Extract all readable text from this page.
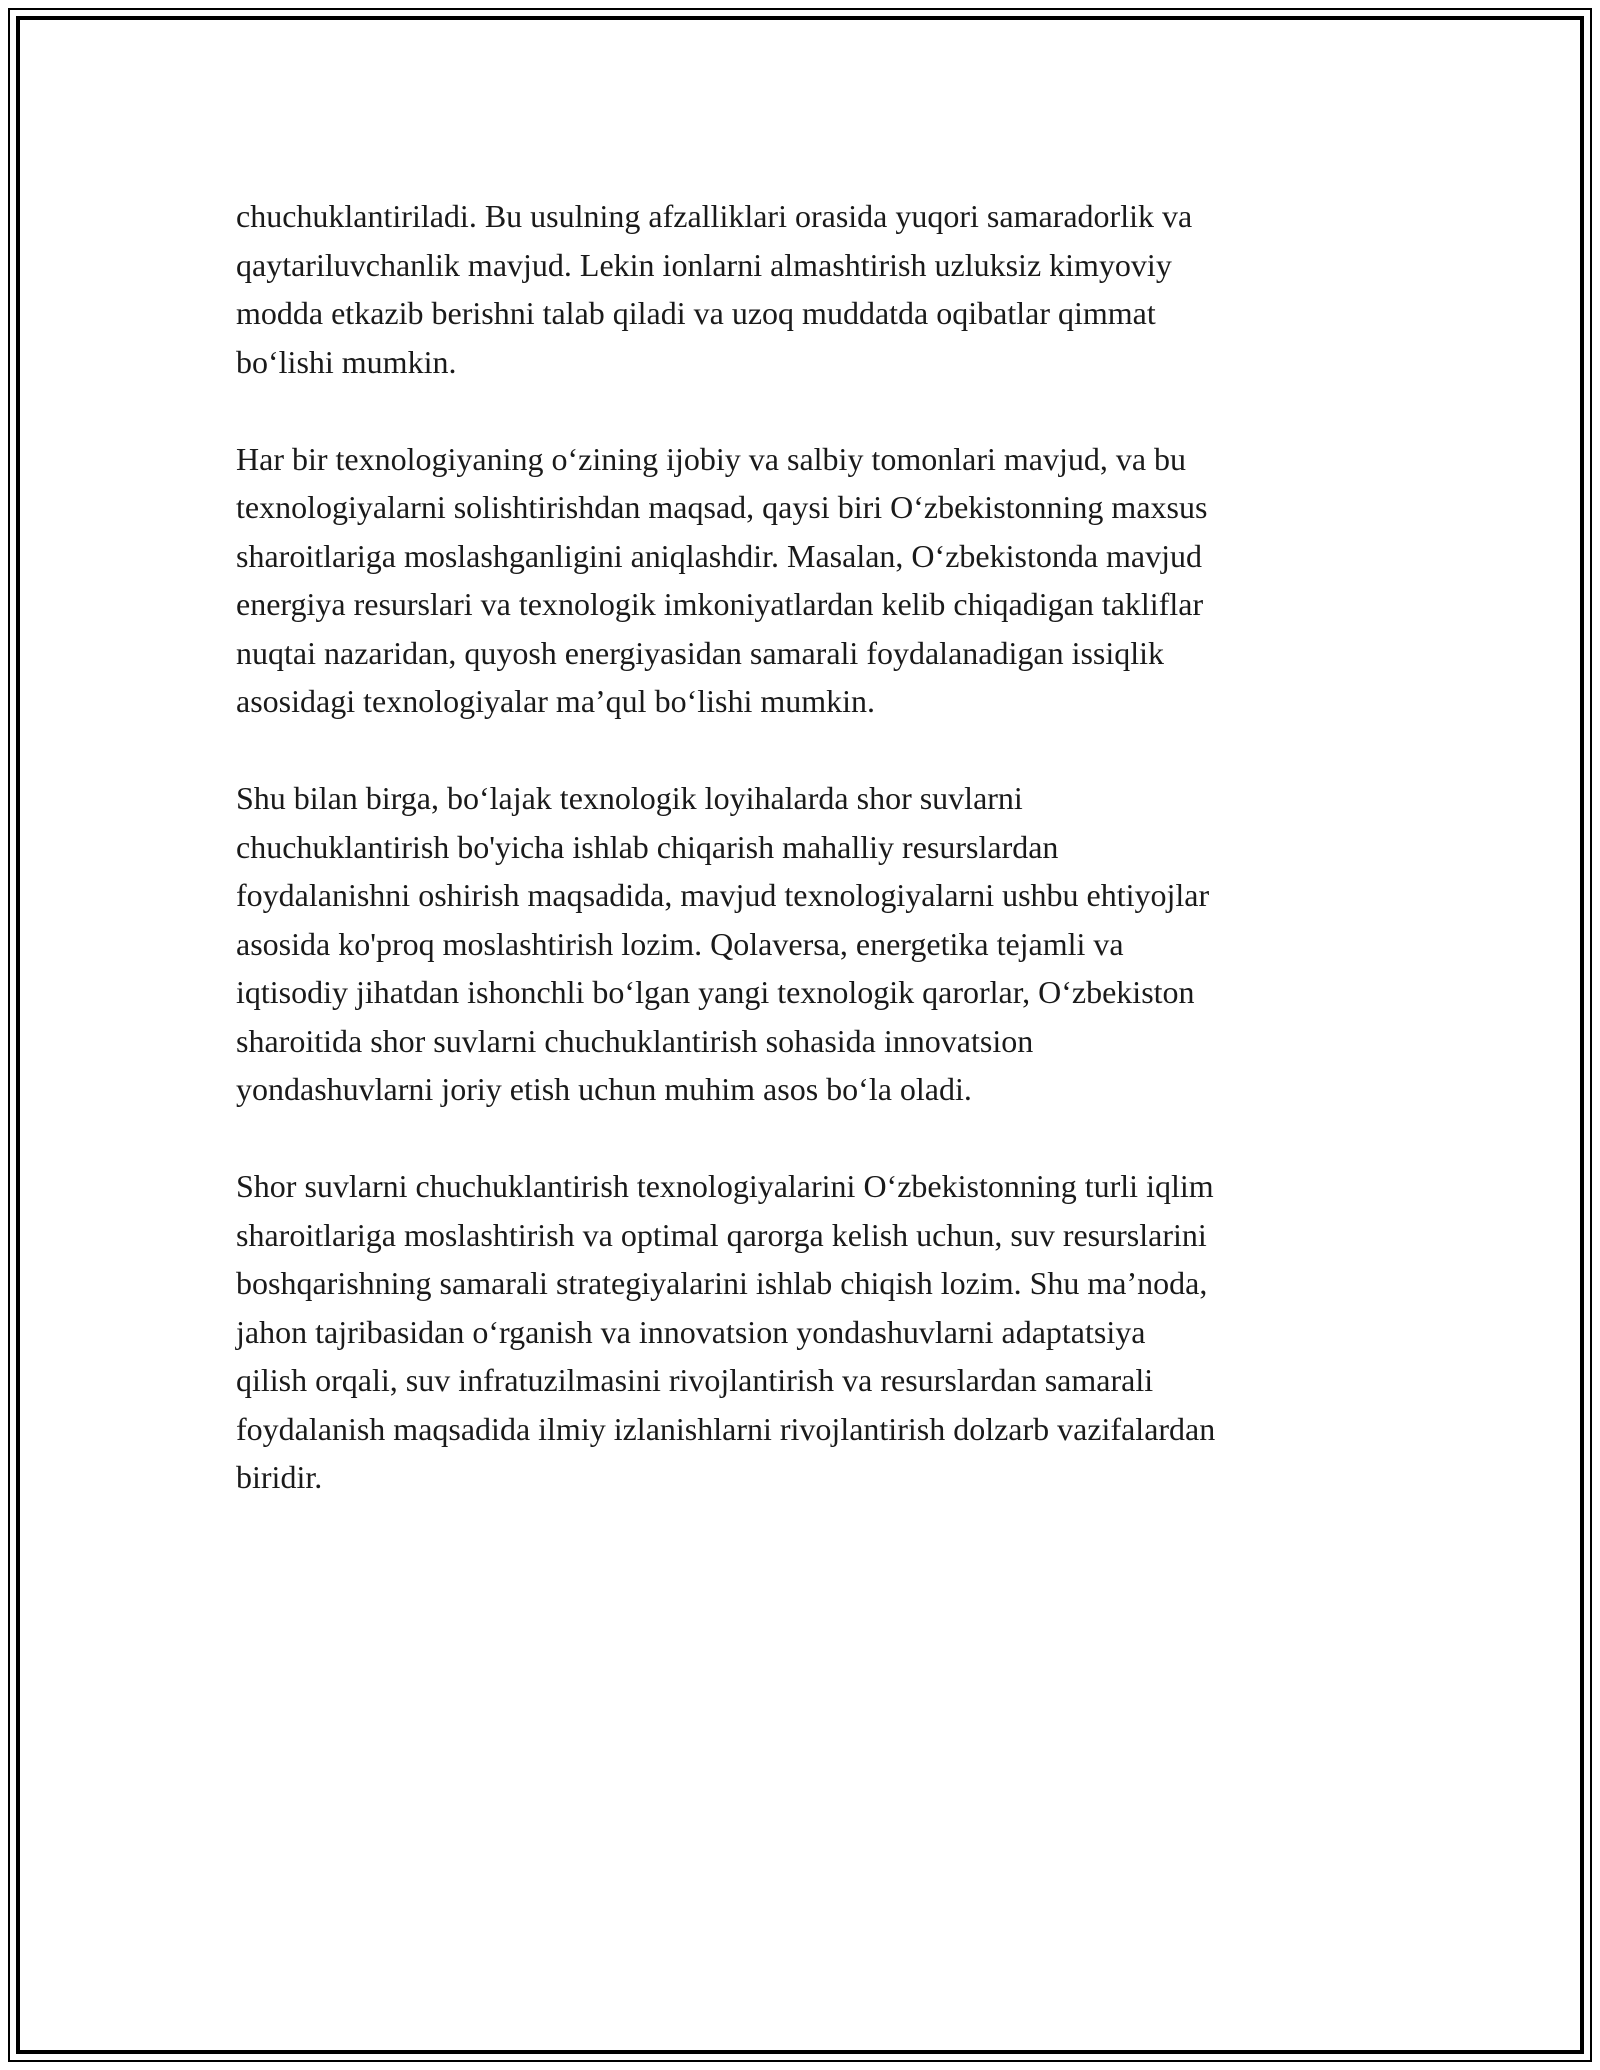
chuchuklantiriladi. Bu usulning afzalliklari orasida yuqori samaradorlik va
qaytariluvchanlik mavjud. Lekin ionlarni almashtirish uzluksiz kimyoviy
modda etkazib berishni talab qiladi va uzoq muddatda oqibatlar qimmat
bo‘lishi mumkin.

Har bir texnologiyaning o‘zining ijobiy va salbiy tomonlari mavjud, va bu
texnologiyalarni solishtirishdan maqsad, qaysi biri O‘zbekistonning maxsus
sharoitlariga moslashganligini aniqlashdir. Masalan, O‘zbekistonda mavjud
energiya resurslari va texnologik imkoniyatlardan kelib chiqadigan takliflar
nuqtai nazaridan, quyosh energiyasidan samarali foydalanadigan issiqlik
asosidagi texnologiyalar ma’qul bo‘lishi mumkin.

Shu bilan birga, bo‘lajak texnologik loyihalarda shor suvlarni
chuchuklantirish bo'yicha ishlab chiqarish mahalliy resurslardan
foydalanishni oshirish maqsadida, mavjud texnologiyalarni ushbu ehtiyojlar
asosida ko'proq moslashtirish lozim. Qolaversa, energetika tejamli va
iqtisodiy jihatdan ishonchli bo‘lgan yangi texnologik qarorlar, O‘zbekiston
sharoitida shor suvlarni chuchuklantirish sohasida innovatsion
yondashuvlarni joriy etish uchun muhim asos bo‘la oladi.

Shor suvlarni chuchuklantirish texnologiyalarini O‘zbekistonning turli iqlim
sharoitlariga moslashtirish va optimal qarorga kelish uchun, suv resurslarini
boshqarishning samarali strategiyalarini ishlab chiqish lozim. Shu ma’noda,
jahon tajribasidan o‘rganish va innovatsion yondashuvlarni adaptatsiya
qilish orqali, suv infratuzilmasini rivojlantirish va resurslardan samarali
foydalanish maqsadida ilmiy izlanishlarni rivojlantirish dolzarb vazifalardan
biridir.
